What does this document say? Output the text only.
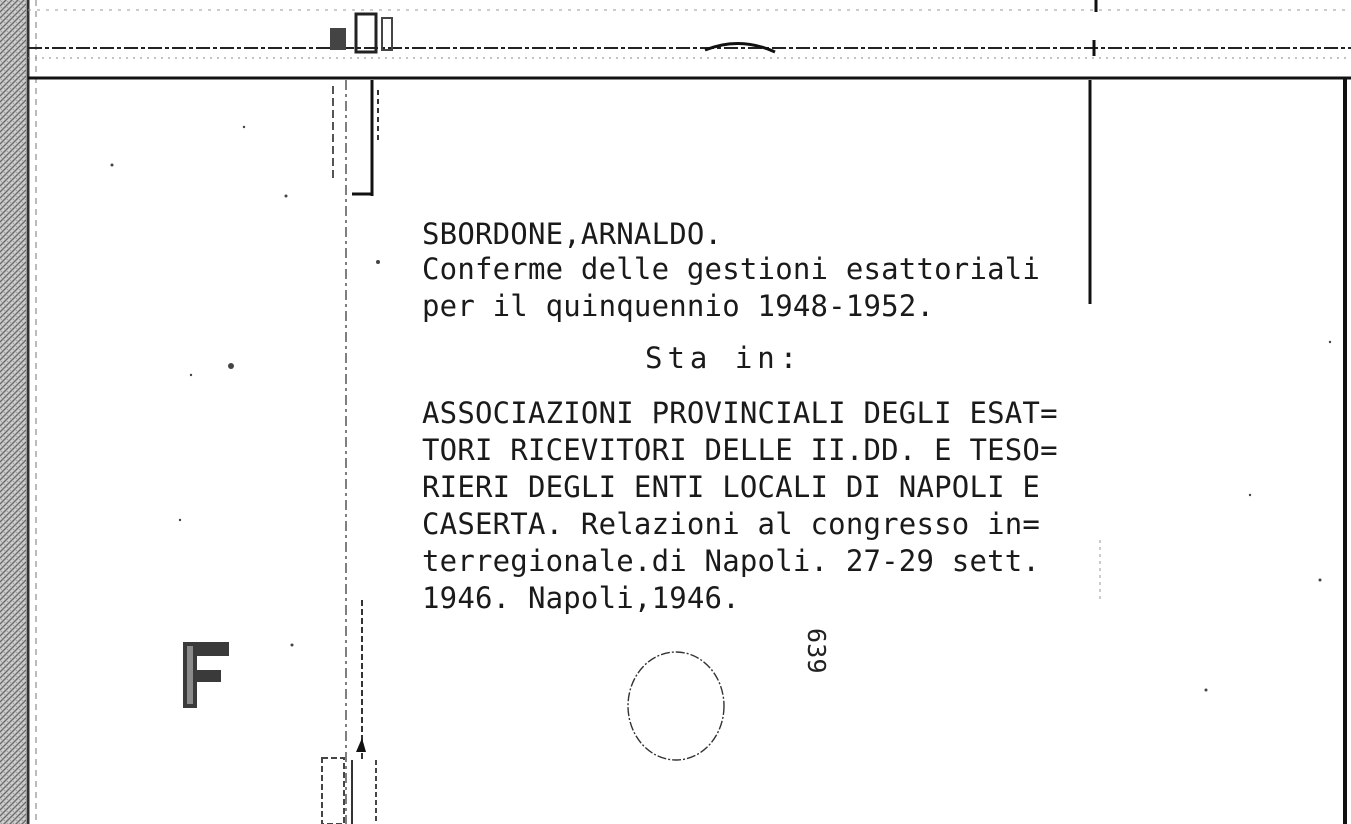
SBORDONE,ARNALDO.

Conferme delle gestioni esattoriali

per il quinquennio 1948-1952.

Sta in:

ASSOCIAZIONI PROVINCIALI DEGLI ESAT=

TORI RICEVITORI DELLE II.DD. E TESO=

RIERI DEGLI ENTI LOCALI DI NAPOLI E

CASERTA. Relazioni al congresso in=

terregionale.di Napoli. 27-29 sett.

1946. Napoli,1946.

639
